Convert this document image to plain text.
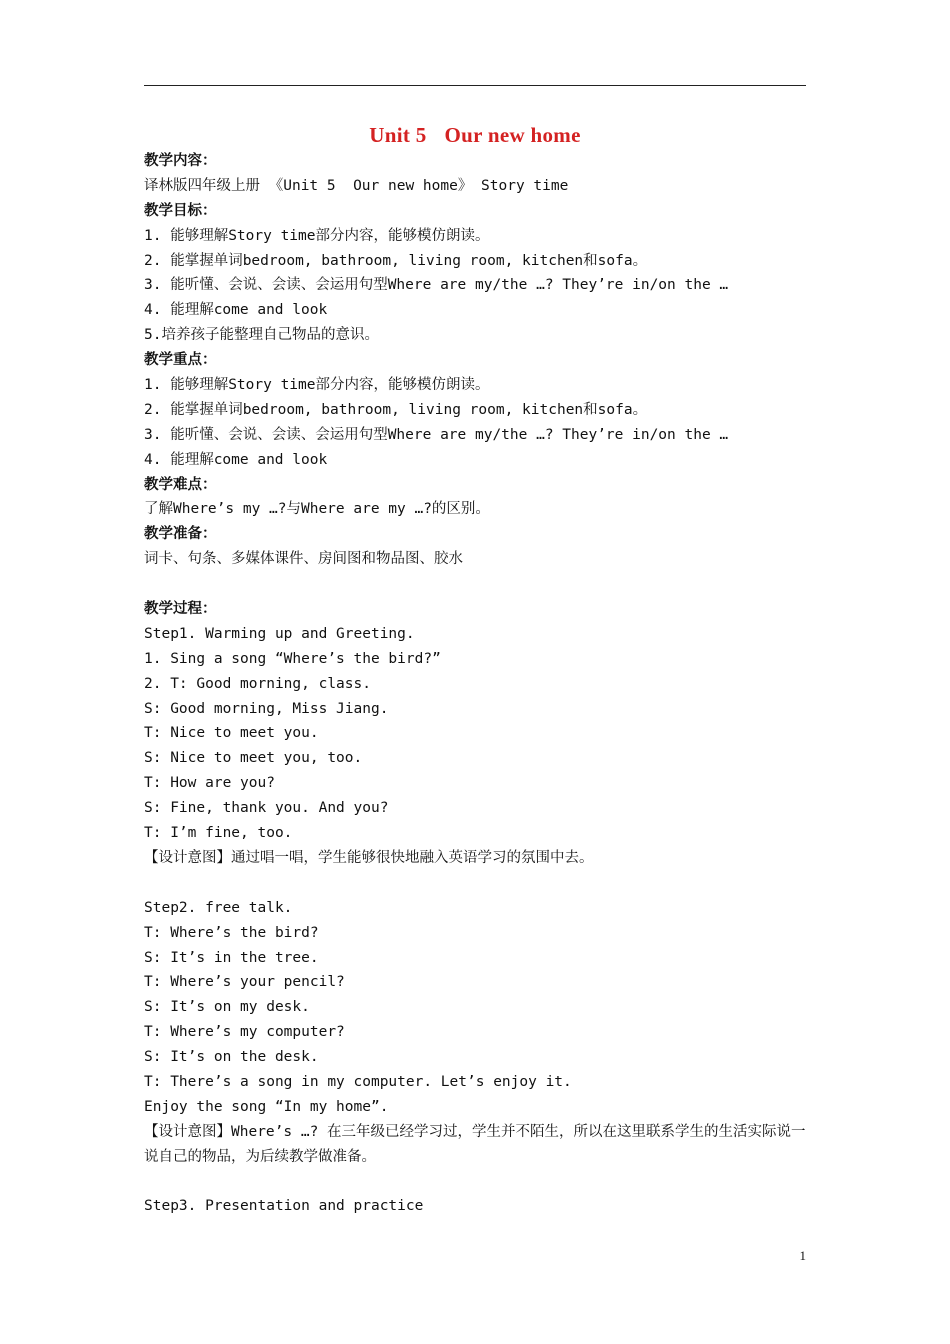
Unit 5 Our new home
教学内容：
译林版四年级上册 《Unit 5  Our new home》 Story time
教学目标：
1. 能够理解Story time部分内容，能够模仿朗读。
2. 能掌握单词bedroom, bathroom, living room, kitchen和sofa。
3. 能听懂、会说、会读、会运用句型Where are my/the …? They’re in/on the …
4. 能理解come and look
5.培养孩子能整理自己物品的意识。
教学重点：
1. 能够理解Story time部分内容，能够模仿朗读。
2. 能掌握单词bedroom, bathroom, living room, kitchen和sofa。
3. 能听懂、会说、会读、会运用句型Where are my/the …? They’re in/on the …
4. 能理解come and look
教学难点：
了解Where’s my …?与Where are my …?的区别。
教学准备：
词卡、句条、多媒体课件、房间图和物品图、胶水
教学过程：
Step1. Warming up and Greeting.
1. Sing a song “Where’s the bird?”
2. T: Good morning, class.
S: Good morning, Miss Jiang.
T: Nice to meet you.
S: Nice to meet you, too.
T: How are you?
S: Fine, thank you. And you?
T: I’m fine, too.
【设计意图】通过唱一唱，学生能够很快地融入英语学习的氛围中去。
Step2. free talk.
T: Where’s the bird?
S: It’s in the tree.
T: Where’s your pencil?
S: It’s on my desk.
T: Where’s my computer?
S: It’s on the desk.
T: There’s a song in my computer. Let’s enjoy it.
Enjoy the song “In my home”.
【设计意图】Where’s …? 在三年级已经学习过，学生并不陌生，所以在这里联系学生的生活实际说一说自己的物品，为后续教学做准备。
Step3. Presentation and practice
1
